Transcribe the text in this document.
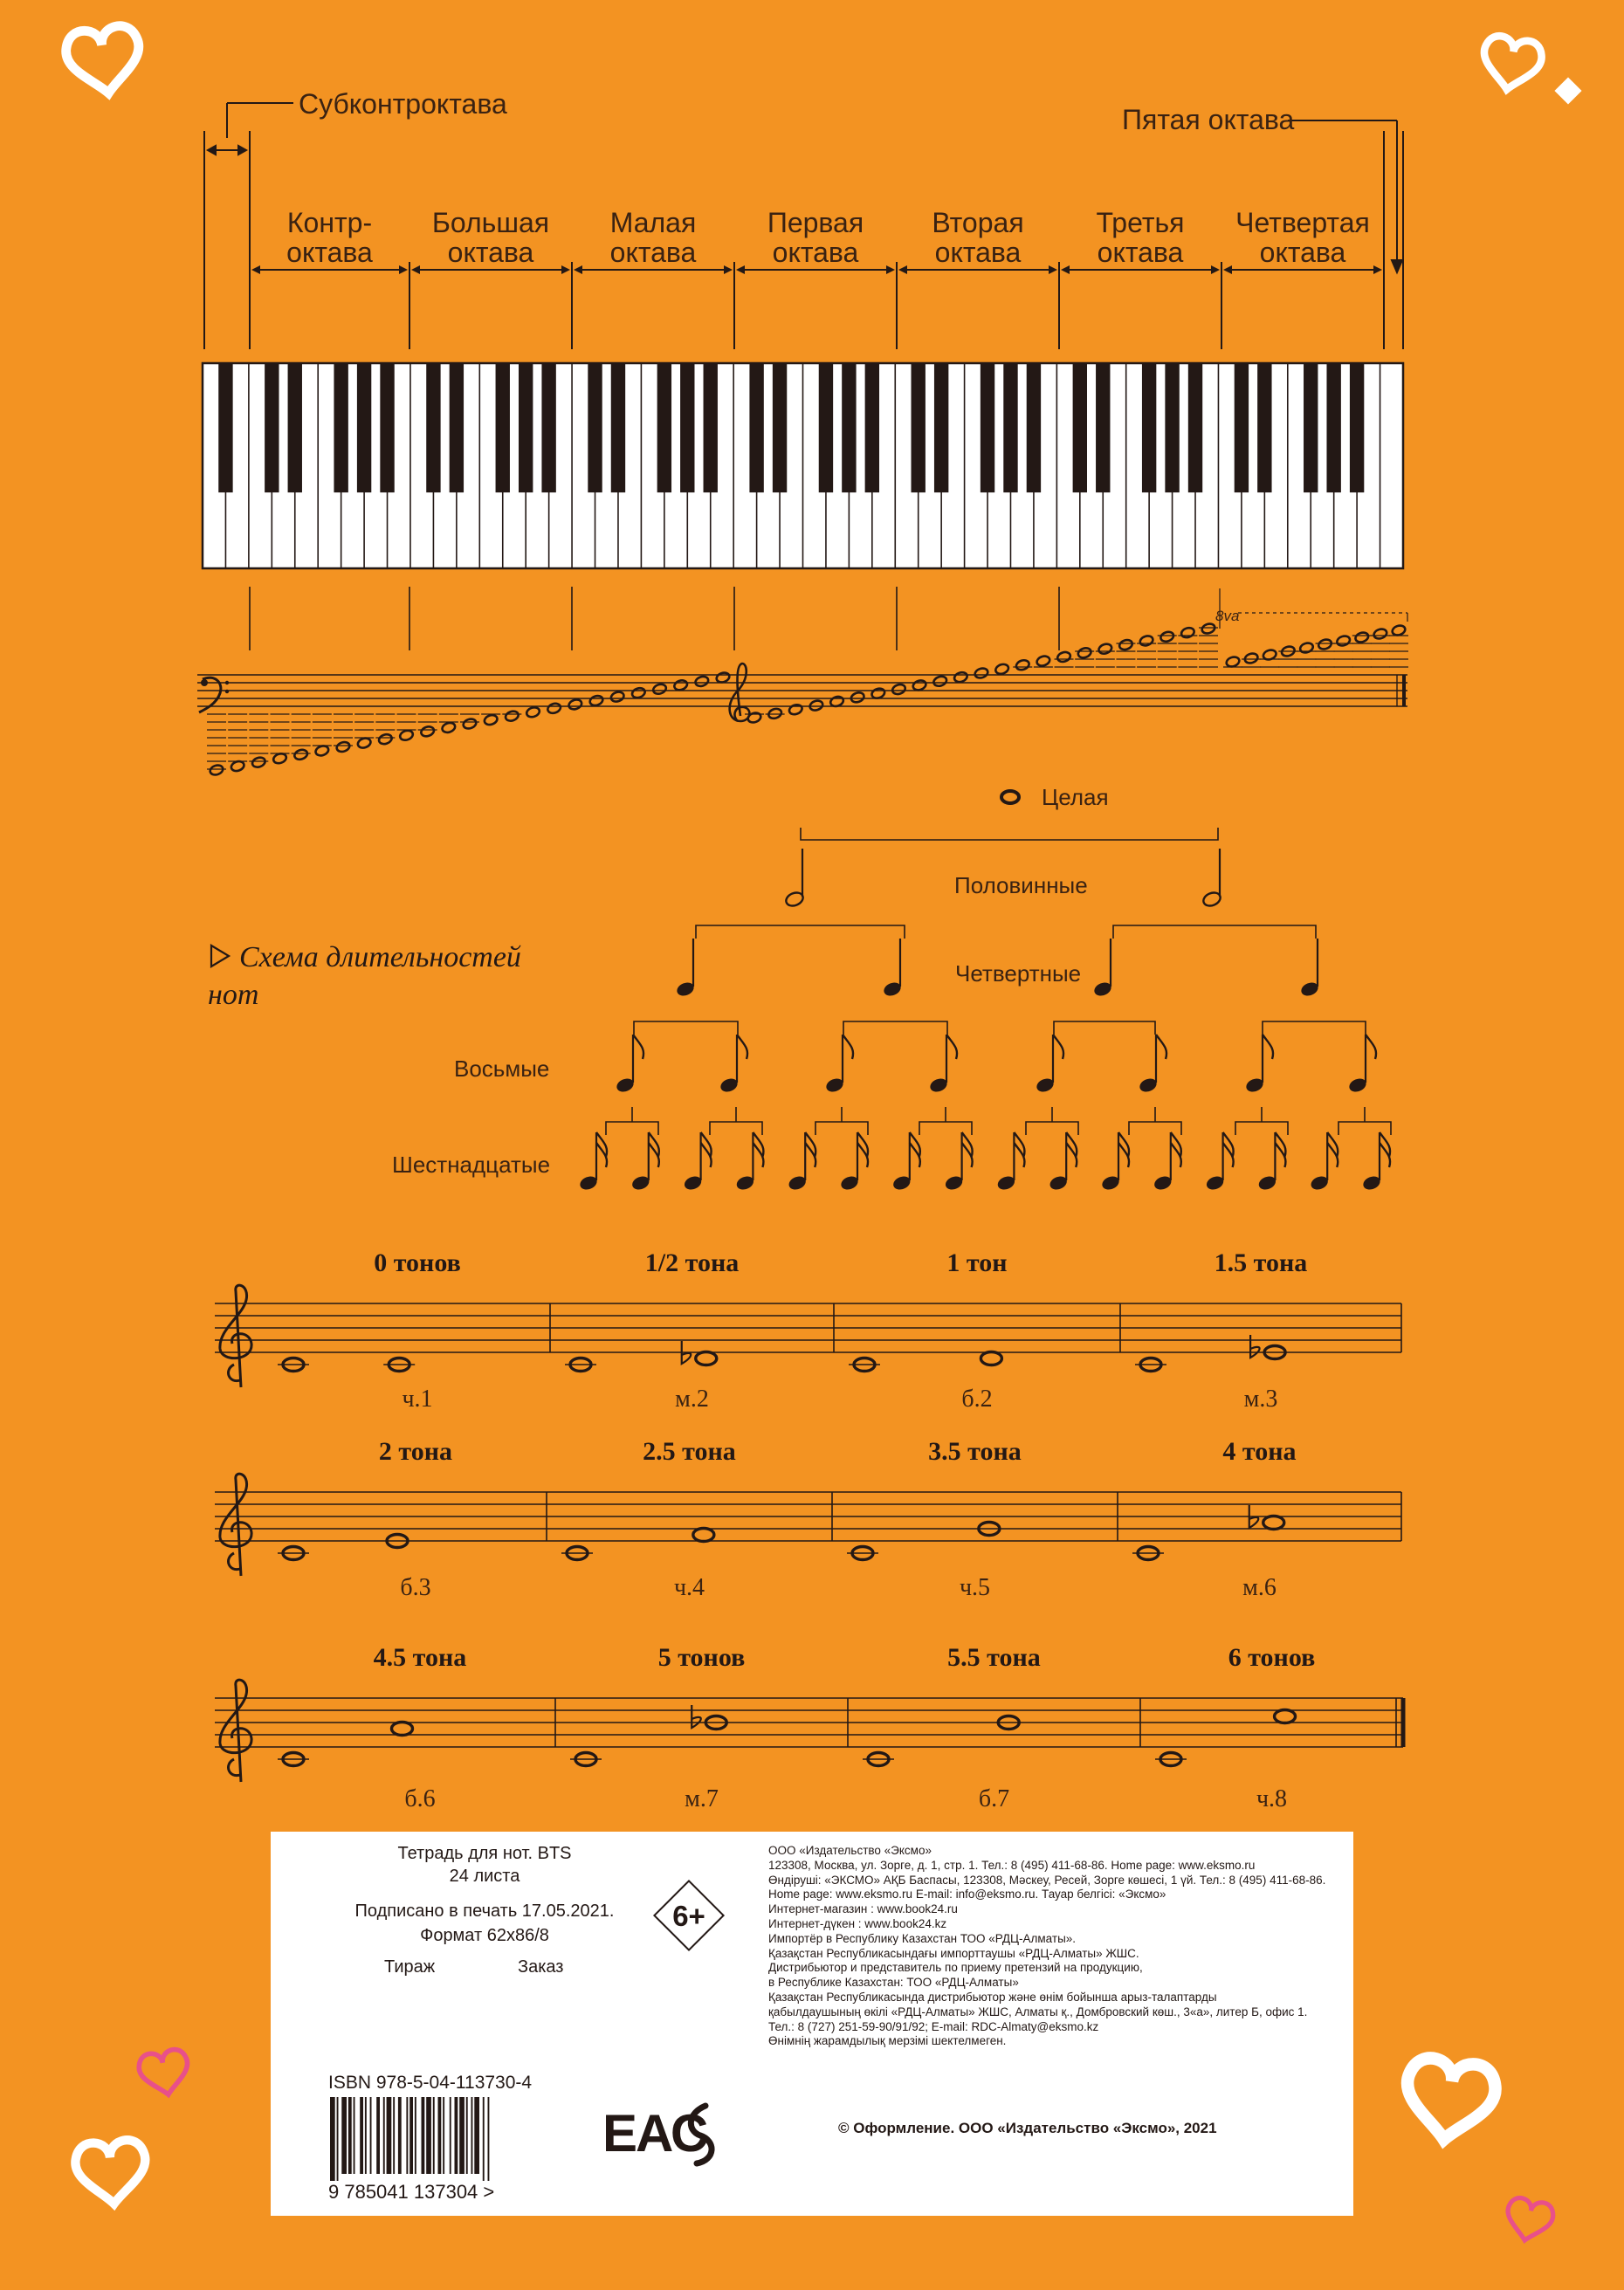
Контр-
октава
Большая
октава
Малая
октава
Первая
октава
Вторая
октава
Третья
октава
Четвертая
октава
Субконтроктава	Пятая октава
8va
Целая
Половинные
Четвертные
Восьмые
Шестнадцатые
Схема длительностей
нот
0 тонов
ч.1
1/2 тона
м.2
1 тон
б.2
1.5 тона
м.3
2 тона
б.3
2.5 тона
ч.4
3.5 тона
ч.5
4 тона
м.6
4.5 тона
б.6
5 тонов
м.7
5.5 тона
б.7
6 тонов
ч.8
Тетрадь для нот. BTS
24 листа
Подписано в печать 17.05.2021.
Формат 62x86/8
Тираж	Заказ
6+
ООО «Издательство «Эксмо»
123308, Москва, ул. Зорге, д. 1, стр. 1. Тел.: 8 (495) 411-68-86. Home page: www.eksmo.ru
Өндіруші: «ЭКСМО» АҚБ Баспасы, 123308, Мәскеу, Ресей, Зорге көшесі, 1 үй. Тел.: 8 (495) 411-68-86.
Home page: www.eksmo.ru E-mail: info@eksmo.ru. Тауар белгісі: «Эксмо»
Интернет-магазин : www.book24.ru
Интернет-дүкен : www.book24.kz
Импортёр в Республику Казахстан ТОО «РДЦ-Алматы».
Қазақстан Республикасындағы импорттаушы «РДЦ-Алматы» ЖШС.
Дистрибьютор и представитель по приему претензий на продукцию,
в Республике Казахстан: ТОО «РДЦ-Алматы»
Қазақстан Республикасында дистрибьютор және өнім бойынша арыз-талаптарды
қабылдаушының өкілі «РДЦ-Алматы» ЖШС, Алматы қ., Домбровский көш., 3«а», литер Б, офис 1.
Тел.: 8 (727) 251-59-90/91/92; E-mail: RDC-Almaty@eksmo.kz
Өнімнің жарамдылық мерзімі шектелмеген.
ISBN 978-5-04-113730-4
9 785041 137304 >
ЕАС	© Оформление. ООО «Издательство «Эксмо», 2021
